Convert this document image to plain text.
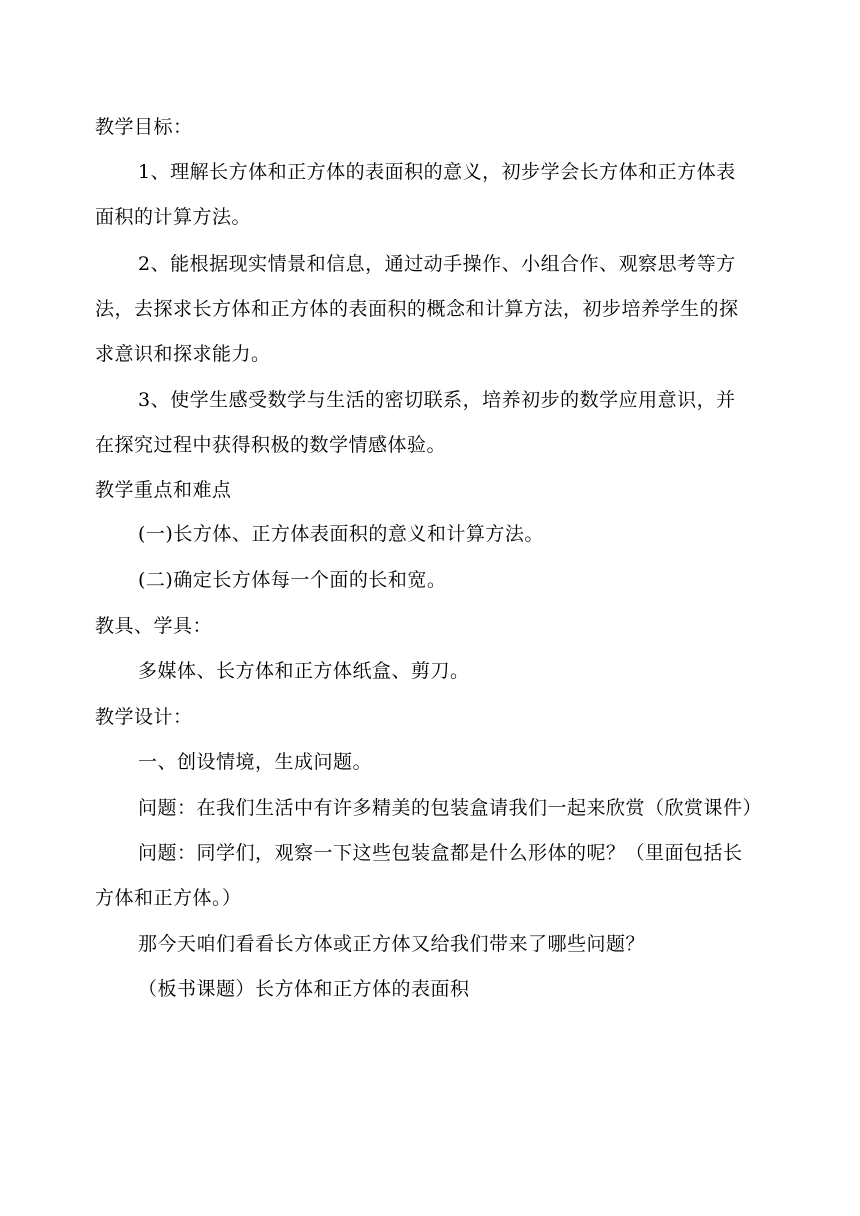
教学目标：
1、理解长方体和正方体的表面积的意义，初步学会长方体和正方体表
面积的计算方法。
2、能根据现实情景和信息，通过动手操作、小组合作、观察思考等方
法，去探求长方体和正方体的表面积的概念和计算方法，初步培养学生的探
求意识和探求能力。
3、使学生感受数学与生活的密切联系，培养初步的数学应用意识，并
在探究过程中获得积极的数学情感体验。
教学重点和难点
(一)长方体、正方体表面积的意义和计算方法。
(二)确定长方体每一个面的长和宽。
教具、学具：
多媒体、长方体和正方体纸盒、剪刀。
教学设计：
一、创设情境，生成问题。
问题：在我们生活中有许多精美的包装盒请我们一起来欣赏（欣赏课件）
问题：同学们，观察一下这些包装盒都是什么形体的呢？（里面包括长
方体和正方体。）
那今天咱们看看长方体或正方体又给我们带来了哪些问题？
（板书课题）长方体和正方体的表面积
